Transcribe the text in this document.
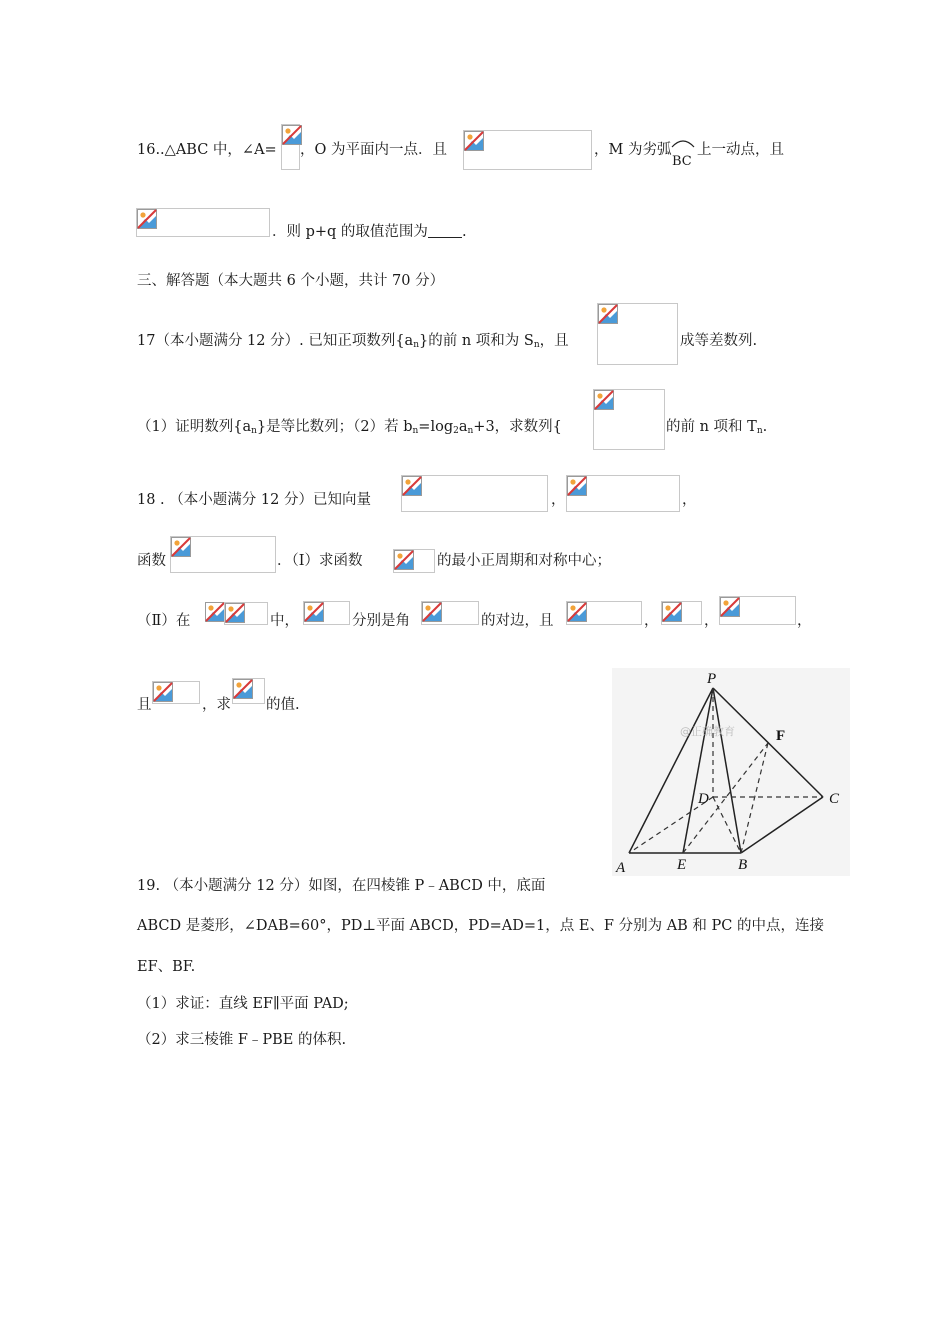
16..△ABC 中，∠A= ，O 为平面内一点．且	，M 为劣弧
BC
上一动点，且
．则 p+q 的取值范围为 .
三、解答题（本大题共 6 个小题，共计 70 分）
17（本小题满分 12 分）. 已知正项数列$\{a_n\}$的前 n 项和为 $S_n$，且	成等差数列.
（1）证明数列$\{a_n\}$是等比数列；（2）若 $b_n=\log_2a_n+3$，求数列{	的前 n 项和 $T_n$.
18 . （本小题满分 12 分）已知向量	，	，
函数	．（Ⅰ）求函数	的最小正周期和对称中心；
（Ⅱ）在	中，	分别是角	的对边，且	，	，	，
且	，求 的值.
P
F
D	C
A	E	B
@正确教育
19. （本小题满分 12 分）如图，在四棱锥 P﹣ABCD 中，底面
ABCD 是菱形，∠DAB=60°，PD⊥平面 ABCD，PD=AD=1，点 E、F 分别为 AB 和 PC 的中点，连接
EF、BF.
（1）求证：直线 EF∥平面 PAD;
（2）求三棱锥 F﹣PBE 的体积.
